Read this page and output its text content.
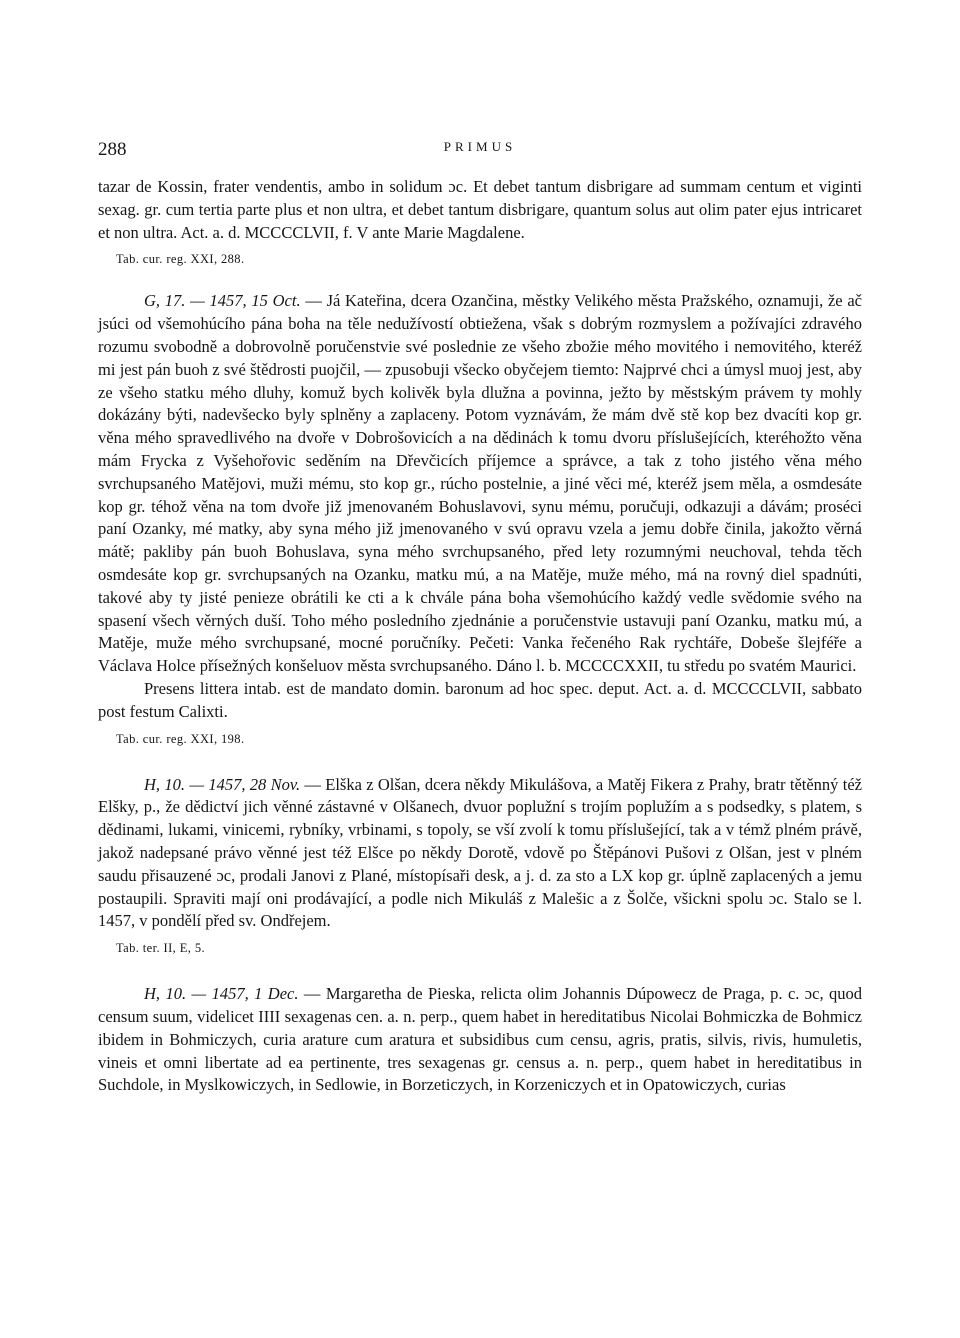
288	PRIMUS

tazar de Kossin, frater vendentis, ambo in solidum ɔc. Et debet tantum disbrigare ad summam centum et viginti sexag. gr. cum tertia parte plus et non ultra, et debet tantum disbrigare, quantum solus aut olim pater ejus intricaret et non ultra. Act. a. d. MCCCCLVII, f. V ante Marie Magdalene.

Tab. cur. reg. XXI, 288.

G, 17. — 1457, 15 Oct. — Já Kateřina, dcera Ozančina, městky Velikého města Pražského, oznamuji, že ač jsúci od všemohúcího pána boha na těle nedužívostí obtiežena, však s dobrým rozmyslem a požívajíci zdravého rozumu svobodně a dobrovolně poručenstvie své poslednie ze všeho zbožie mého movitého i nemovitého, kteréž mi jest pán buoh z své štědrosti puojčil, — zpusobuji všecko obyčejem tiemto: Najprvé chci a úmysl muoj jest, aby ze všeho statku mého dluhy, komuž bych kolivěk byla dlužna a povinna, ježto by městským právem ty mohly dokázány býti, nadevšecko byly splněny a zaplaceny. Potom vyznávám, že mám dvě stě kop bez dvacíti kop gr. věna mého spravedlivého na dvoře v Dobrošovicích a na dědinách k tomu dvoru příslušejících, kteréhožto věna mám Frycka z Vyšehořovic seděním na Dřevčicích příjemce a správce, a tak z toho jistého věna mého svrchupsaného Matějovi, muži mému, sto kop gr., rúcho postelnie, a jiné věci mé, kteréž jsem měla, a osmdesáte kop gr. téhož věna na tom dvoře již jmenovaném Bohuslavovi, synu mému, poručuji, odkazuji a dávám; proséci paní Ozanky, mé matky, aby syna mého již jmenovaného v svú opravu vzela a jemu dobře činila, jakožto věrná mátě; pakliby pán buoh Bohuslava, syna mého svrchupsaného, před lety rozumnými neuchoval, tehda těch osmdesáte kop gr. svrchupsaných na Ozanku, matku mú, a na Matěje, muže mého, má na rovný diel spadnúti, takové aby ty jisté penieze obrátili ke cti a k chvále pána boha všemohúcího každý vedle svědomie svého na spasení všech věrných duší. Toho mého posledního zjednánie a poručenstvie ustavuji paní Ozanku, matku mú, a Matěje, muže mého svrchupsané, mocné poručníky. Pečeti: Vanka řečeného Rak rychtáře, Dobeše šlejféře a Václava Holce přísežných konšeluov města svrchupsaného. Dáno l. b. MCCCCXXII, tu středu po svatém Maurici.

Presens littera intab. est de mandato domin. baronum ad hoc spec. deput. Act. a. d. MCCCCLVII, sabbato post festum Calixti.

Tab. cur. reg. XXI, 198.

H, 10. — 1457, 28 Nov. — Elška z Olšan, dcera někdy Mikulášova, a Matěj Fikera z Prahy, bratr tětěnný též Elšky, p., že dědictví jich věnné zástavné v Olšanech, dvuor poplužní s trojím poplužím a s podsedky, s platem, s dědinami, lukami, vinicemi, rybníky, vrbinami, s topoly, se vší zvolí k tomu příslušející, tak a v témž plném právě, jakož nadepsané právo věnné jest též Elšce po někdy Dorotě, vdově po Štěpánovi Pušovi z Olšan, jest v plném saudu přisauzené ɔc, prodali Janovi z Plané, místopísaři desk, a j. d. za sto a LX kop gr. úplně zaplacených a jemu postaupili. Spraviti mají oni prodávající, a podle nich Mikuláš z Malešic a z Šolče, všickni spolu ɔc. Stalo se l. 1457, v pondělí před sv. Ondřejem.

Tab. ter. II, E, 5.

H, 10. — 1457, 1 Dec. — Margaretha de Pieska, relicta olim Johannis Dúpowecz de Praga, p. c. ɔc, quod censum suum, videlicet IIII sexagenas cen. a. n. perp., quem habet in hereditatibus Nicolai Bohmiczka de Bohmicz ibidem in Bohmiczych, curia arature cum aratura et subsidibus cum censu, agris, pratis, silvis, rivis, humuletis, vineis et omni libertate ad ea pertinente, tres sexagenas gr. census a. n. perp., quem habet in hereditatibus in Suchdole, in Myslkowiczych, in Sedlowie, in Borzeticzych, in Korzeniczych et in Opatowiczych, curias
